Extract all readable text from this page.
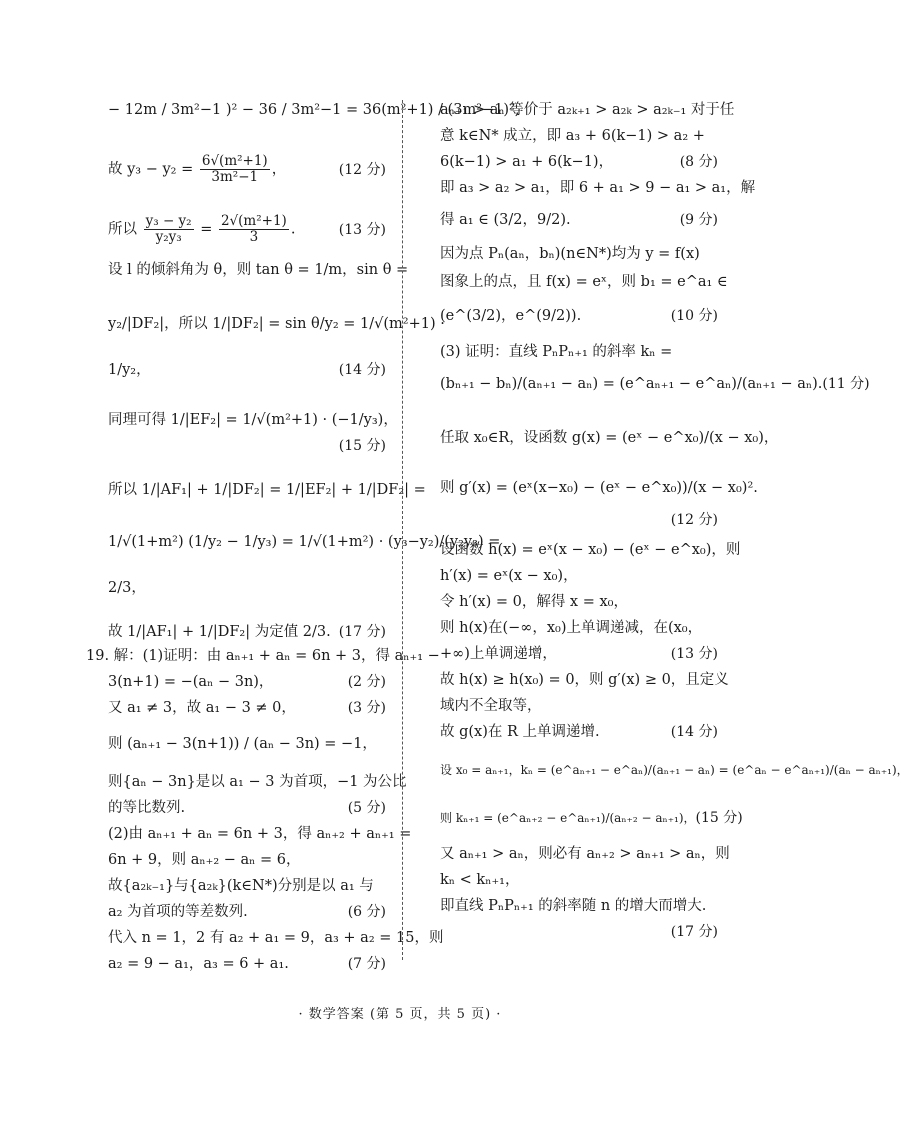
− 12m / 3m²−1 )² − 36 / 3m²−1 = 36(m²+1) / (3m²−1)²,
故 $y_3 - y_2 = \frac{\text{6√(m²+1)}}{\text{3m²−1}}$ ，	(12 分)
所以 $\frac{\text{y₃ − y₂}}{\text{y₂y₃}} = \frac{\text{2√(m²+1)}}{3}$ .	(13 分)
设 l 的倾斜角为 θ，则 tan θ = 1/m，sin θ =
y₂/|DF₂|，所以 1/|DF₂| = sin θ/y₂ = 1/√(m²+1) ·
1/y₂，	(14 分)
同理可得 1/|EF₂| = 1/√(m²+1) · (−1/y₃)，
(15 分)
所以 1/|AF₁| + 1/|DF₂| = 1/|EF₂| + 1/|DF₂| =
1/√(1+m²) (1/y₂ − 1/y₃) = 1/√(1+m²) · (y₃−y₂)/(y₂y₃) =
2/3，
故 1/|AF₁| + 1/|DF₂| 为定值 2/3. (17 分)
19. 解：(1)证明：由 aₙ₊₁ + aₙ = 6n + 3，得 aₙ₊₁ −
3(n+1) = −(aₙ − 3n)，	(2 分)
又 a₁ ≠ 3，故 a₁ − 3 ≠ 0，	(3 分)
则 (aₙ₊₁ − 3(n+1)) / (aₙ − 3n) = −1，
则{aₙ − 3n}是以 a₁ − 3 为首项，−1 为公比
的等比数列.	(5 分)
(2)由 aₙ₊₁ + aₙ = 6n + 3，得 aₙ₊₂ + aₙ₊₁ =
6n + 9，则 aₙ₊₂ − aₙ = 6，
故{a₂ₖ₋₁}与{a₂ₖ}(k∈N*)分别是以 a₁ 与
a₂ 为首项的等差数列.	(6 分)
代入 n = 1，2 有 a₂ + a₁ = 9，a₃ + a₂ = 15，则
a₂ = 9 − a₁，a₃ = 6 + a₁.	(7 分)
aₙ₊₁ > aₙ 等价于 a₂ₖ₊₁ > a₂ₖ > a₂ₖ₋₁ 对于任
意 k∈N* 成立，即 a₃ + 6(k−1) > a₂ +
6(k−1) > a₁ + 6(k−1)，	(8 分)
即 a₃ > a₂ > a₁，即 6 + a₁ > 9 − a₁ > a₁，解
得 a₁ ∈ (3/2，9/2).	(9 分)
因为点 Pₙ(aₙ，bₙ)(n∈N*)均为 y = f(x)
图象上的点，且 f(x) = eˣ，则 b₁ = e^a₁ ∈
(e^(3/2)，e^(9/2)).	(10 分)
(3) 证明：直线 PₙPₙ₊₁ 的斜率 kₙ =
(bₙ₊₁ − bₙ)/(aₙ₊₁ − aₙ) = (e^aₙ₊₁ − e^aₙ)/(aₙ₊₁ − aₙ). (11 分)
任取 x₀∈R，设函数 g(x) = (eˣ − e^x₀)/(x − x₀)，
则 g′(x) = (eˣ(x−x₀) − (eˣ − e^x₀))/(x − x₀)².
(12 分)
设函数 h(x) = eˣ(x − x₀) − (eˣ − e^x₀)，则
h′(x) = eˣ(x − x₀)，
令 h′(x) = 0，解得 x = x₀，
则 h(x)在(−∞，x₀)上单调递减，在(x₀，
+∞)上单调递增，	(13 分)
故 h(x) ≥ h(x₀) = 0，则 g′(x) ≥ 0，且定义
域内不全取等，
故 g(x)在 R 上单调递增.	(14 分)
设 x₀ = aₙ₊₁，kₙ = (e^aₙ₊₁ − e^aₙ)/(aₙ₊₁ − aₙ) = (e^aₙ − e^aₙ₊₁)/(aₙ − aₙ₊₁)，
则 kₙ₊₁ = (e^aₙ₊₂ − e^aₙ₊₁)/(aₙ₊₂ − aₙ₊₁)， (15 分)
又 aₙ₊₁ > aₙ，则必有 aₙ₊₂ > aₙ₊₁ > aₙ，则
kₙ < kₙ₊₁，
即直线 PₙPₙ₊₁ 的斜率随 n 的增大而增大.
(17 分)
· 数学答案 (第 5 页，共 5 页) ·
